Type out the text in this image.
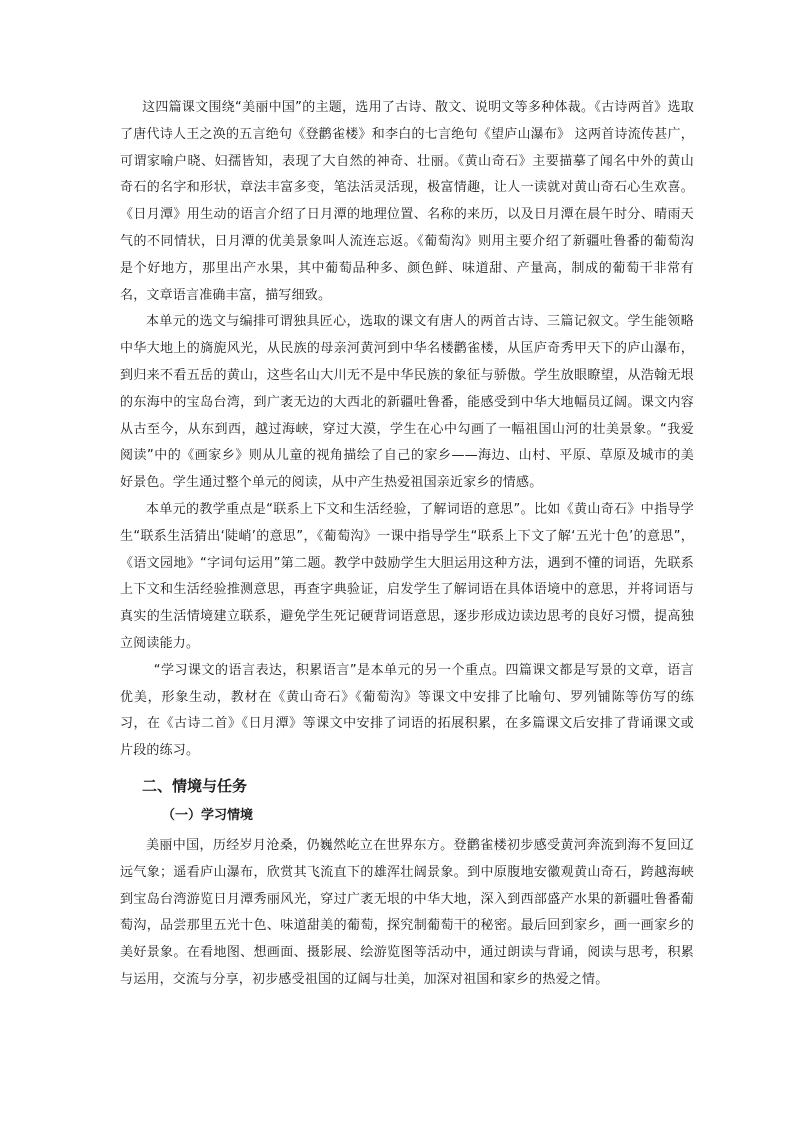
这四篇课文围绕“美丽中国”的主题，选用了古诗、散文、说明文等多种体裁。《古诗两首》选取了唐代诗人王之涣的五言绝句《登鹳雀楼》和李白的七言绝句《望庐山瀑布》 这两首诗流传甚广，可谓家喻户晓、妇孺皆知，表现了大自然的神奇、壮丽。《黄山奇石》主要描摹了闻名中外的黄山奇石的名字和形状，章法丰富多变，笔法活灵活现，极富情趣，让人一读就对黄山奇石心生欢喜。《日月潭》用生动的语言介绍了日月潭的地理位置、名称的来历，以及日月潭在晨午时分、晴雨天气的不同情状，日月潭的优美景象叫人流连忘返。《葡萄沟》则用主要介绍了新疆吐鲁番的葡萄沟是个好地方，那里出产水果，其中葡萄品种多、颜色鲜、味道甜、产量高，制成的葡萄干非常有名，文章语言准确丰富，描写细致。

本单元的选文与编排可谓独具匠心，选取的课文有唐人的两首古诗、三篇记叙文。学生能领略中华大地上的旖旎风光，从民族的母亲河黄河到中华名楼鹳雀楼，从匡庐奇秀甲天下的庐山瀑布，到归来不看五岳的黄山，这些名山大川无不是中华民族的象征与骄傲。学生放眼瞭望，从浩翰无垠的东海中的宝岛台湾，到广袤无边的大西北的新疆吐鲁番，能感受到中华大地幅员辽阔。课文内容从古至今，从东到西，越过海峡，穿过大漠，学生在心中勾画了一幅祖国山河的壮美景象。“我爱阅读”中的《画家乡》则从儿童的视角描绘了自己的家乡——海边、山村、平原、草原及城市的美好景色。学生通过整个单元的阅读，从中产生热爱祖国亲近家乡的情感。

本单元的教学重点是“联系上下文和生活经验，了解词语的意思”。比如《黄山奇石》中指导学生“联系生活猜出‘陡峭’的意思”，《葡萄沟》一课中指导学生“联系上下文了解‘五光十色’的意思”，《语文园地》“字词句运用”第二题。教学中鼓励学生大胆运用这种方法，遇到不懂的词语，先联系上下文和生活经验推测意思，再查字典验证，启发学生了解词语在具体语境中的意思，并将词语与真实的生活情境建立联系，避免学生死记硬背词语意思，逐步形成边读边思考的良好习惯，提高独立阅读能力。

“学习课文的语言表达，积累语言”是本单元的另一个重点。四篇课文都是写景的文章，语言优美，形象生动，教材在《黄山奇石》《葡萄沟》等课文中安排了比喻句、罗列铺陈等仿写的练习，在《古诗二首》《日月潭》等课文中安排了词语的拓展积累，在多篇课文后安排了背诵课文或片段的练习。

二、情境与任务
（一）学习情境

美丽中国，历经岁月沧桑，仍巍然屹立在世界东方。登鹳雀楼初步感受黄河奔流到海不复回辽远气象；遥看庐山瀑布，欣赏其飞流直下的雄浑壮阔景象。到中原腹地安徽观黄山奇石，跨越海峡到宝岛台湾游览日月潭秀丽风光，穿过广袤无垠的中华大地，深入到西部盛产水果的新疆吐鲁番葡萄沟，品尝那里五光十色、味道甜美的葡萄，探究制葡萄干的秘密。最后回到家乡，画一画家乡的美好景象。在看地图、想画面、摄影展、绘游览图等活动中，通过朗读与背诵，阅读与思考，积累与运用，交流与分享，初步感受祖国的辽阔与壮美，加深对祖国和家乡的热爱之情。
